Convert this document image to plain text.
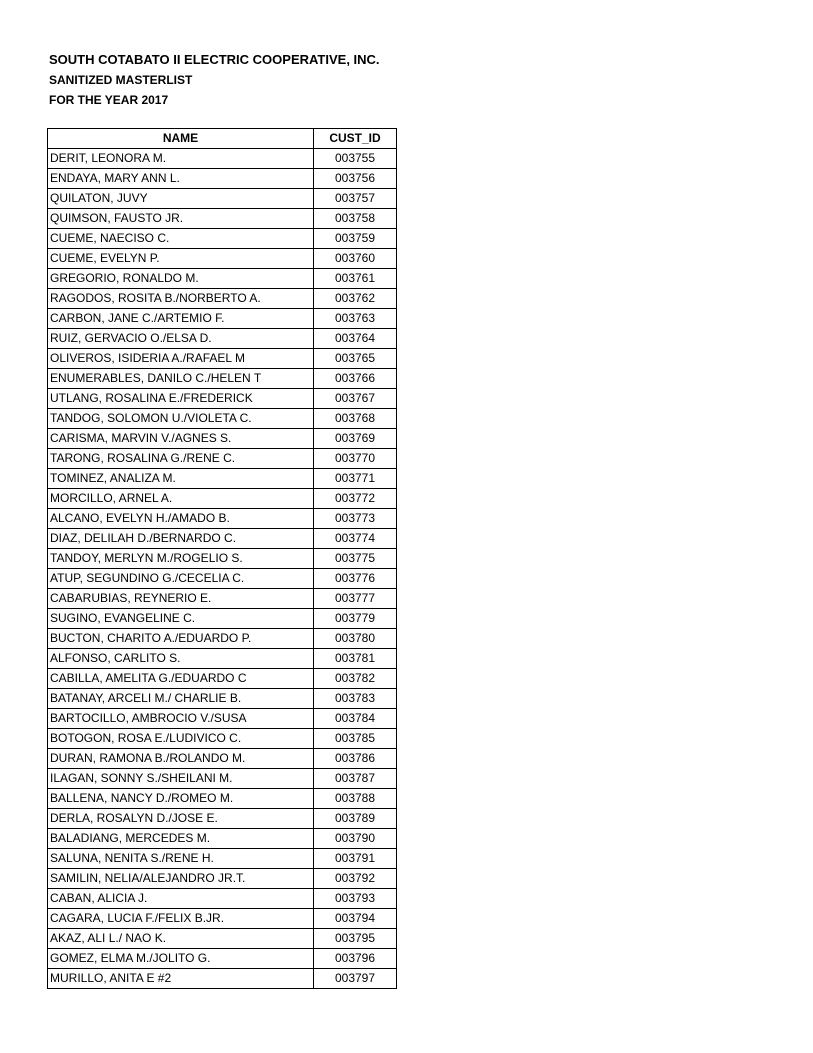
SOUTH COTABATO II ELECTRIC COOPERATIVE, INC.
SANITIZED MASTERLIST
FOR THE YEAR 2017
NAME	CUST_ID
DERIT, LEONORA M.	003755
ENDAYA, MARY ANN L.	003756
QUILATON, JUVY	003757
QUIMSON, FAUSTO JR.	003758
CUEME, NAECISO C.	003759
CUEME, EVELYN P.	003760
GREGORIO, RONALDO M.	003761
RAGODOS, ROSITA B./NORBERTO A.	003762
CARBON, JANE C./ARTEMIO F.	003763
RUIZ, GERVACIO O./ELSA D.	003764
OLIVEROS, ISIDERIA A./RAFAEL M	003765
ENUMERABLES, DANILO C./HELEN T	003766
UTLANG, ROSALINA E./FREDERICK	003767
TANDOG, SOLOMON U./VIOLETA C.	003768
CARISMA, MARVIN V./AGNES S.	003769
TARONG, ROSALINA G./RENE C.	003770
TOMINEZ, ANALIZA M.	003771
MORCILLO, ARNEL A.	003772
ALCANO, EVELYN H./AMADO B.	003773
DIAZ, DELILAH D./BERNARDO C.	003774
TANDOY, MERLYN M./ROGELIO S.	003775
ATUP, SEGUNDINO G./CECELIA C.	003776
CABARUBIAS, REYNERIO E.	003777
SUGINO, EVANGELINE C.	003779
BUCTON, CHARITO A./EDUARDO P.	003780
ALFONSO, CARLITO S.	003781
CABILLA, AMELITA G./EDUARDO C	003782
BATANAY, ARCELI M./ CHARLIE B.	003783
BARTOCILLO, AMBROCIO V./SUSA	003784
BOTOGON, ROSA E./LUDIVICO C.	003785
DURAN, RAMONA B./ROLANDO M.	003786
ILAGAN, SONNY S./SHEILANI M.	003787
BALLENA, NANCY D./ROMEO M.	003788
DERLA, ROSALYN D./JOSE E.	003789
BALADIANG, MERCEDES M.	003790
SALUNA, NENITA S./RENE H.	003791
SAMILIN, NELIA/ALEJANDRO JR.T.	003792
CABAN, ALICIA J.	003793
CAGARA, LUCIA F./FELIX B.JR.	003794
AKAZ, ALI L./ NAO K.	003795
GOMEZ, ELMA M./JOLITO G.	003796
MURILLO, ANITA E #2	003797
